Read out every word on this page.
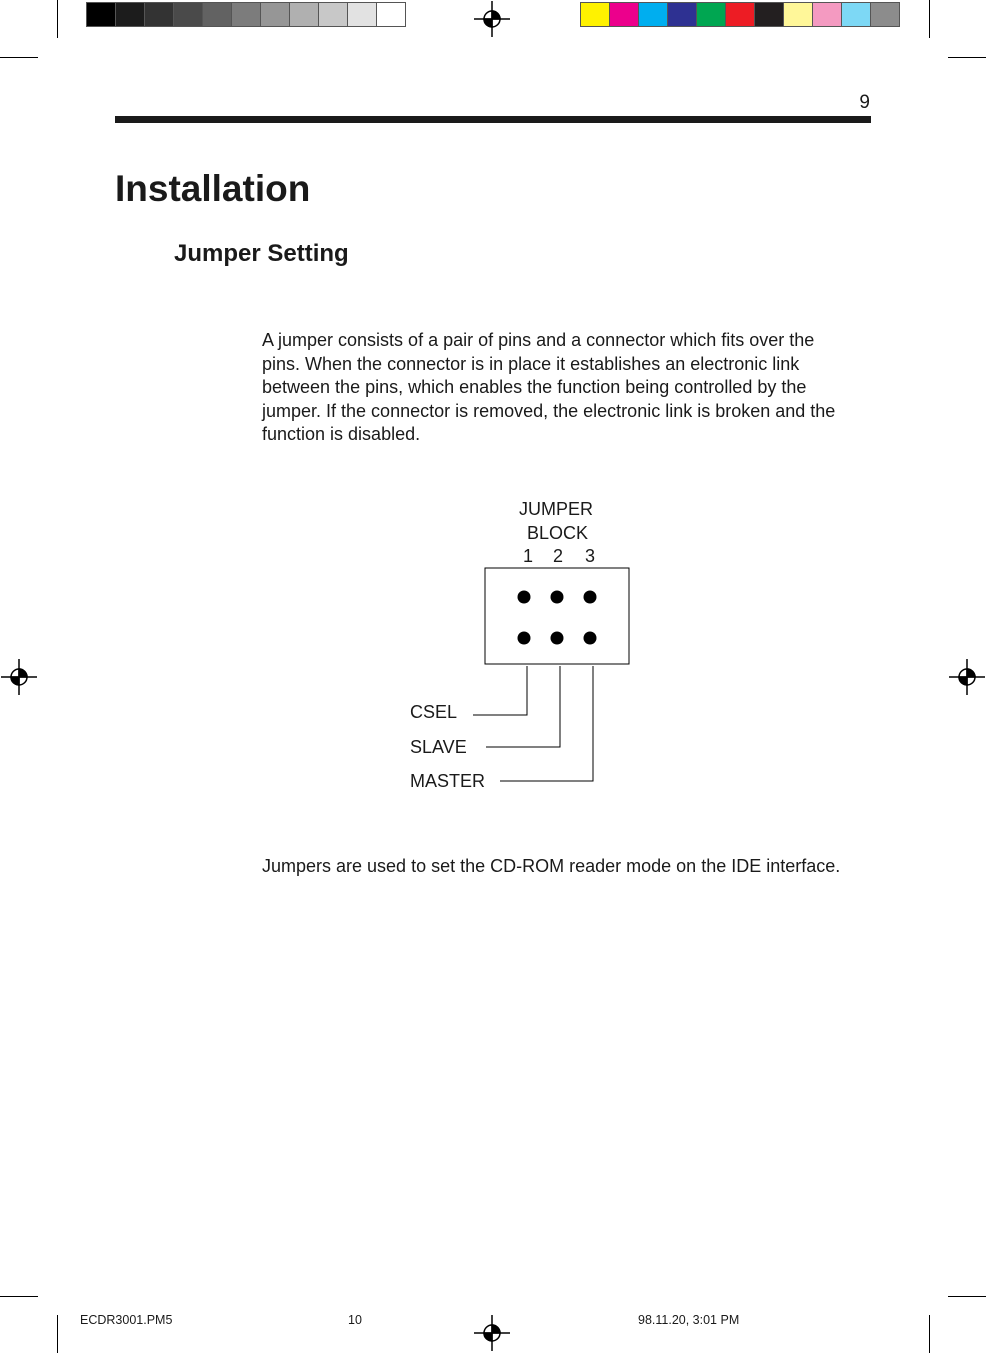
9
Installation
Jumper Setting
A jumper consists of a pair of pins and a connector which fits over the
pins. When the connector is in place it establishes an electronic link
between the pins, which enables the function being controlled by the
jumper. If the connector is removed, the electronic link is broken and the
function is disabled.
JUMPER
BLOCK
1 2 3
CSEL
SLAVE
MASTER
Jumpers are used to set the CD-ROM reader mode on the IDE interface.
ECDR3001.PM5	10	98.11.20, 3:01 PM
